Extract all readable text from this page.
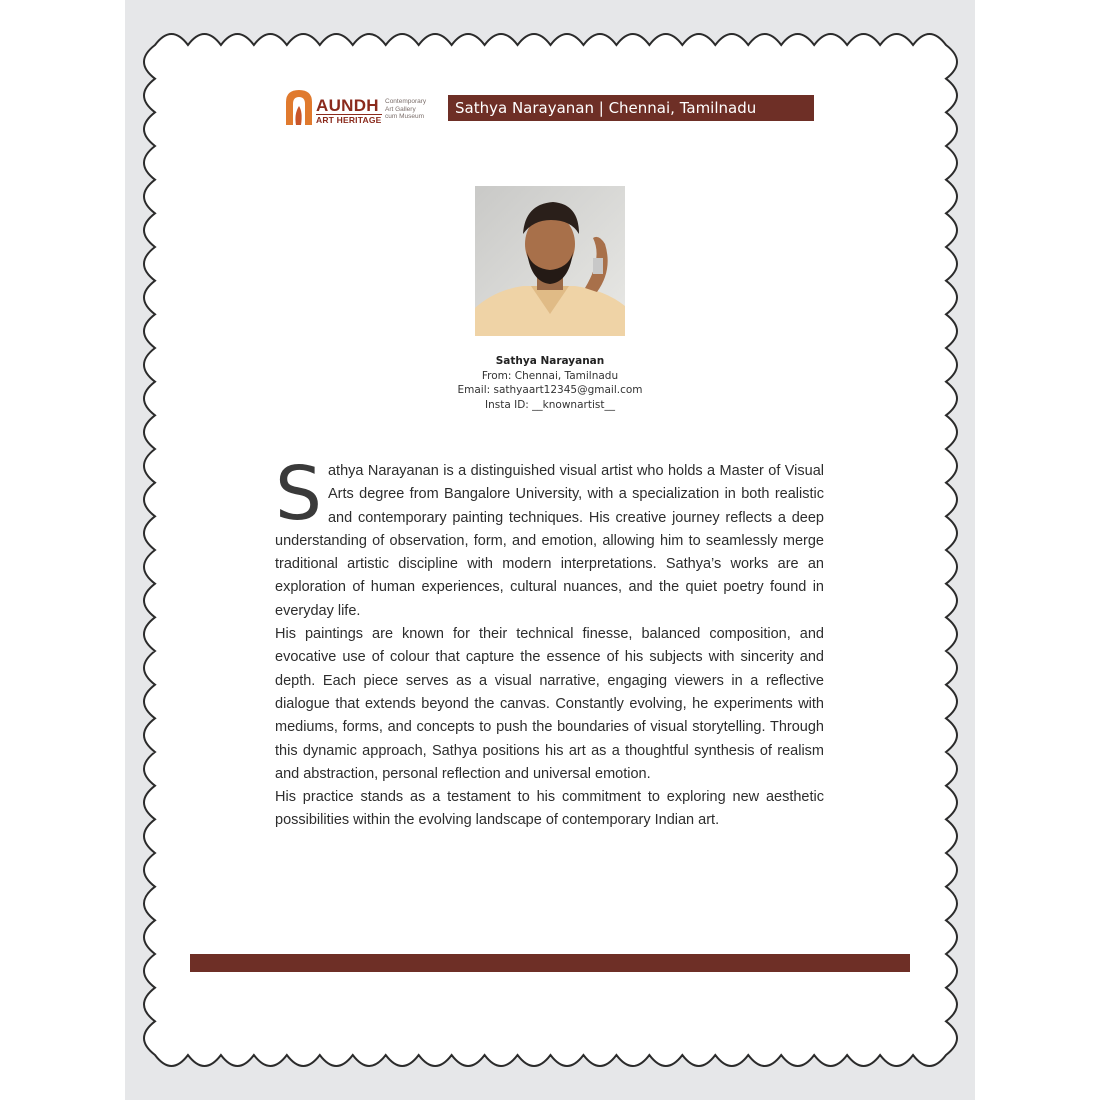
AUNDH
ART HERITAGE
Contemporary
Art Gallery
cum Museum	Sathya Narayanan | Chennai, Tamilnadu
Sathya Narayanan
From: Chennai, Tamilnadu
Email: sathyaart12345@gmail.com
Insta ID: __knownartist__

Sathya Narayanan is a distinguished visual artist who holds a Master of Visual Arts degree from Bangalore University, with a specialization in both realistic and contemporary painting techniques. His creative journey reflects a deep understanding of observation, form, and emotion, allowing him to seamlessly merge traditional artistic discipline with modern interpretations. Sathya’s works are an exploration of human experiences, cultural nuances, and the quiet poetry found in everyday life.

His paintings are known for their technical finesse, balanced composition, and evocative use of colour that capture the essence of his subjects with sincerity and depth. Each piece serves as a visual narrative, engaging viewers in a reflective dialogue that extends beyond the canvas. Constantly evolving, he experiments with mediums, forms, and concepts to push the boundaries of visual storytelling. Through this dynamic approach, Sathya positions his art as a thoughtful synthesis of realism and abstraction, personal reflection and universal emotion.

His practice stands as a testament to his commitment to exploring new aesthetic possibilities within the evolving landscape of contemporary Indian art.
